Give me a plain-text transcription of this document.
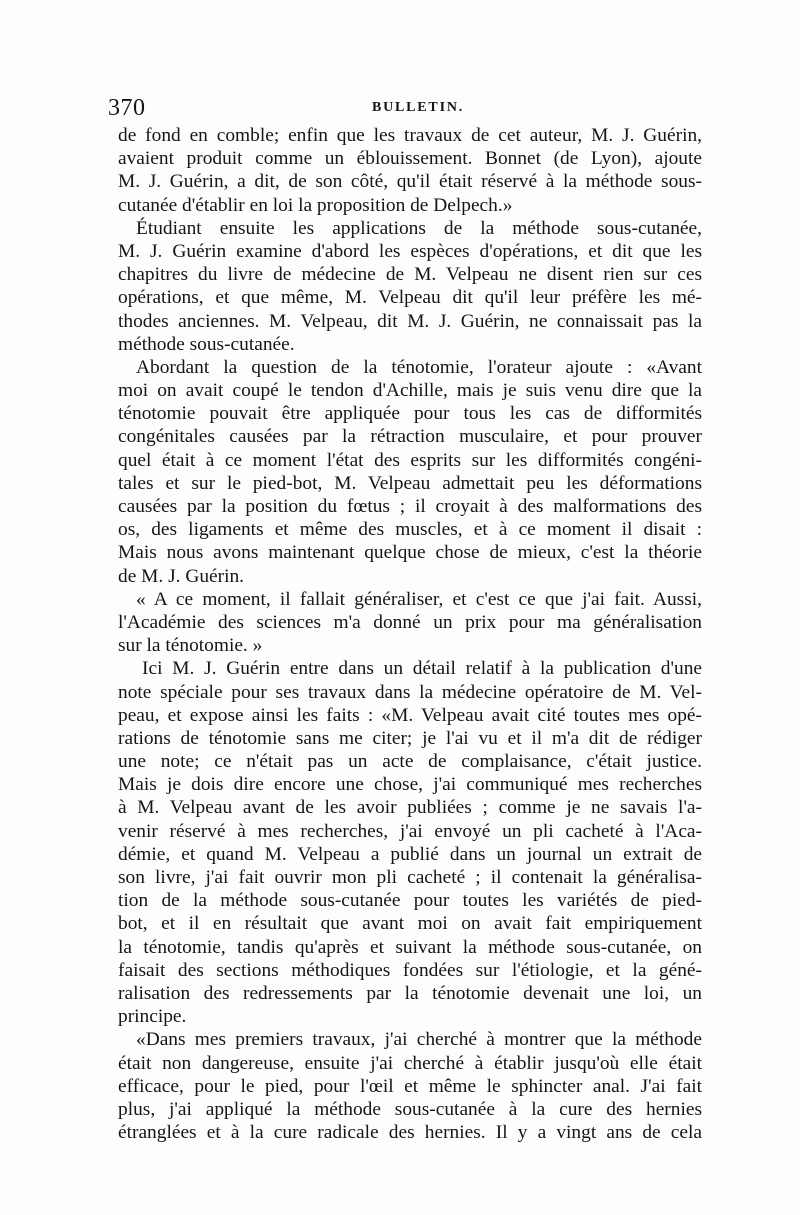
370	BULLETIN.
de fond en comble; enfin que les travaux de cet auteur, M. J. Guérin,
avaient produit comme un éblouissement. Bonnet (de Lyon), ajoute
M. J. Guérin, a dit, de son côté, qu'il était réservé à la méthode sous-
cutanée d'établir en loi la proposition de Delpech.»
Étudiant ensuite les applications de la méthode sous-cutanée,
M. J. Guérin examine d'abord les espèces d'opérations, et dit que les
chapitres du livre de médecine de M. Velpeau ne disent rien sur ces
opérations, et que même, M. Velpeau dit qu'il leur préfère les mé-
thodes anciennes. M. Velpeau, dit M. J. Guérin, ne connaissait pas la
méthode sous-cutanée.
Abordant la question de la ténotomie, l'orateur ajoute : «Avant
moi on avait coupé le tendon d'Achille, mais je suis venu dire que la
ténotomie pouvait être appliquée pour tous les cas de difformités
congénitales causées par la rétraction musculaire, et pour prouver
quel était à ce moment l'état des esprits sur les difformités congéni-
tales et sur le pied-bot, M. Velpeau admettait peu les déformations
causées par la position du fœtus ; il croyait à des malformations des
os, des ligaments et même des muscles, et à ce moment il disait :
Mais nous avons maintenant quelque chose de mieux, c'est la théorie
de M. J. Guérin.
« A ce moment, il fallait généraliser, et c'est ce que j'ai fait. Aussi,
l'Académie des sciences m'a donné un prix pour ma généralisation
sur la ténotomie. »
Ici M. J. Guérin entre dans un détail relatif à la publication d'une
note spéciale pour ses travaux dans la médecine opératoire de M. Vel-
peau, et expose ainsi les faits : «M. Velpeau avait cité toutes mes opé-
rations de ténotomie sans me citer; je l'ai vu et il m'a dit de rédiger
une note; ce n'était pas un acte de complaisance, c'était justice.
Mais je dois dire encore une chose, j'ai communiqué mes recherches
à M. Velpeau avant de les avoir publiées ; comme je ne savais l'a-
venir réservé à mes recherches, j'ai envoyé un pli cacheté à l'Aca-
démie, et quand M. Velpeau a publié dans un journal un extrait de
son livre, j'ai fait ouvrir mon pli cacheté ; il contenait la généralisa-
tion de la méthode sous-cutanée pour toutes les variétés de pied-
bot, et il en résultait que avant moi on avait fait empiriquement
la ténotomie, tandis qu'après et suivant la méthode sous-cutanée, on
faisait des sections méthodiques fondées sur l'étiologie, et la géné-
ralisation des redressements par la ténotomie devenait une loi, un
principe.
«Dans mes premiers travaux, j'ai cherché à montrer que la méthode
était non dangereuse, ensuite j'ai cherché à établir jusqu'où elle était
efficace, pour le pied, pour l'œil et même le sphincter anal. J'ai fait
plus, j'ai appliqué la méthode sous-cutanée à la cure des hernies
étranglées et à la cure radicale des hernies. Il y a vingt ans de cela
